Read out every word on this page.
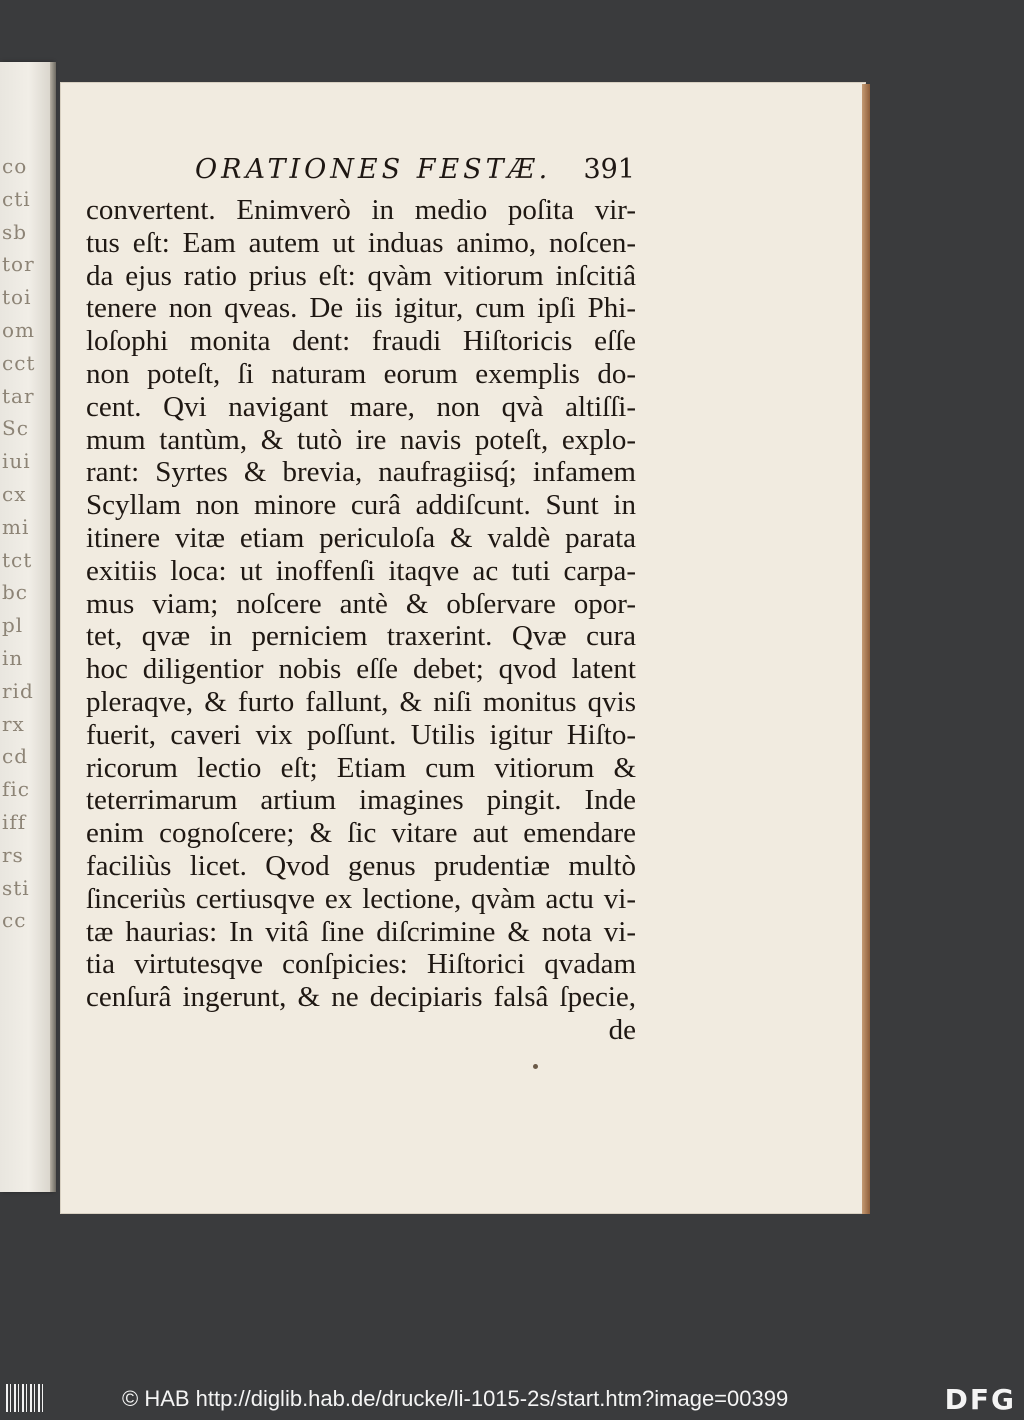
co
cti
sb
tor
toi
om
cct
tar
Sc
iui
cx
mi
tct
bc
pl
in
rid
rx
cd
fic
iff
rs
sti
cc
ORATIONES FESTÆ. 391
convertent. Enimverò in medio poſita vir-
tus eſt: Eam autem ut induas animo, noſcen-
da ejus ratio prius eſt: qvàm vitiorum inſcitiâ
tenere non qveas. De iis igitur, cum ipſi Phi-
loſophi monita dent: fraudi Hiſtoricis eſſe
non poteſt, ſi naturam eorum exemplis do-
cent. Qvi navigant mare, non qvà altiſſi-
mum tantùm, & tutò ire navis poteſt, explo-
rant: Syrtes & brevia, naufragiisq́; infamem
Scyllam non minore curâ addiſcunt. Sunt in
itinere vitæ etiam periculoſa & valdè parata
exitiis loca: ut inoffenſi itaqve ac tuti carpa-
mus viam; noſcere antè & obſervare opor-
tet, qvæ in perniciem traxerint. Qvæ cura
hoc diligentior nobis eſſe debet; qvod latent
pleraqve, & furto fallunt, & niſi monitus qvis
fuerit, caveri vix poſſunt. Utilis igitur Hiſto-
ricorum lectio eſt; Etiam cum vitiorum &
teterrimarum artium imagines pingit. Inde
enim cognoſcere; & ſic vitare aut emendare
faciliùs licet. Qvod genus prudentiæ multò
ſinceriùs certiusqve ex lectione, qvàm actu vi-
tæ haurias: In vitâ ſine diſcrimine & nota vi-
tia virtutesqve conſpicies: Hiſtorici qvadam
cenſurâ ingerunt, & ne decipiaris falsâ ſpecie,
de
© HAB http://diglib.hab.de/drucke/li-1015-2s/start.htm?image=00399	DFG
